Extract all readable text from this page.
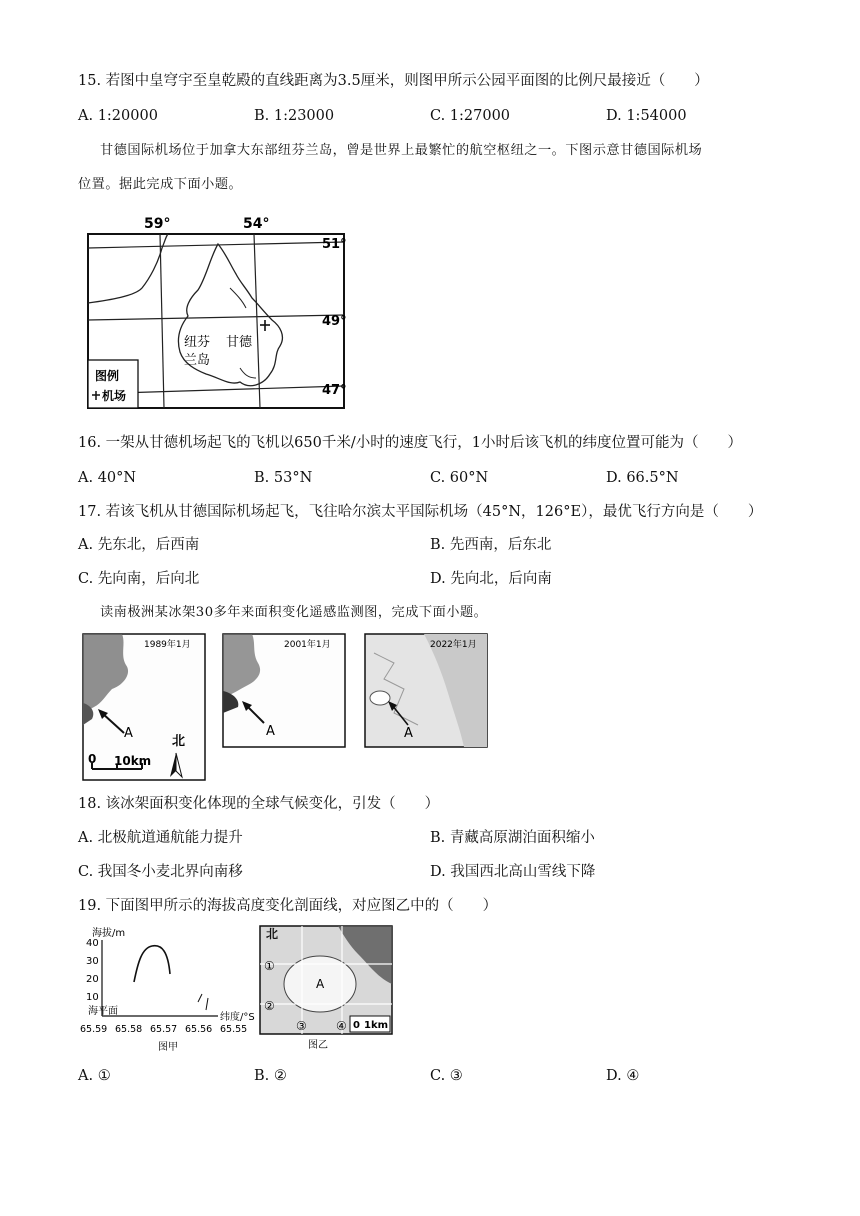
15. 若图中皇穹宇至皇乾殿的直线距离为3.5厘米，则图甲所示公园平面图的比例尺最接近（　　）
A. 1:20000	B. 1:23000	C. 1:27000	D. 1:54000
甘德国际机场位于加拿大东部纽芬兰岛，曾是世界上最繁忙的航空枢纽之一。下图示意甘德国际机场
位置。据此完成下面小题。
59°	54°
51°
49°
47°
纽芬
兰岛
甘德
图例
机场
16. 一架从甘德机场起飞的飞机以650千米/小时的速度飞行，1小时后该飞机的纬度位置可能为（　　）
A. 40°N	B. 53°N	C. 60°N	D. 66.5°N
17. 若该飞机从甘德国际机场起飞，飞往哈尔滨太平国际机场（45°N，126°E），最优飞行方向是（　　）
A. 先东北，后西南	B. 先西南，后东北
C. 先向南，后向北	D. 先向北，后向南
读南极洲某冰架30多年来面积变化遥感监测图，完成下面小题。
A
1989年1月
0 10km
北
A
2001年1月
A
2022年1月
18. 该冰架面积变化体现的全球气候变化，引发（　　）
A. 北极航道通航能力提升	B. 青藏高原湖泊面积缩小
C. 我国冬小麦北界向南移	D. 我国西北高山雪线下降
19. 下面图甲所示的海拔高度变化剖面线，对应图乙中的（　　）
海拔/m
40
30
20
10
海平面
纬度/°S
65.59 65.58 65.57 65.56 65.55
图甲
北
A
①
②
③ ④ 0 1km
图乙
A. ①	B. ②	C. ③	D. ④
